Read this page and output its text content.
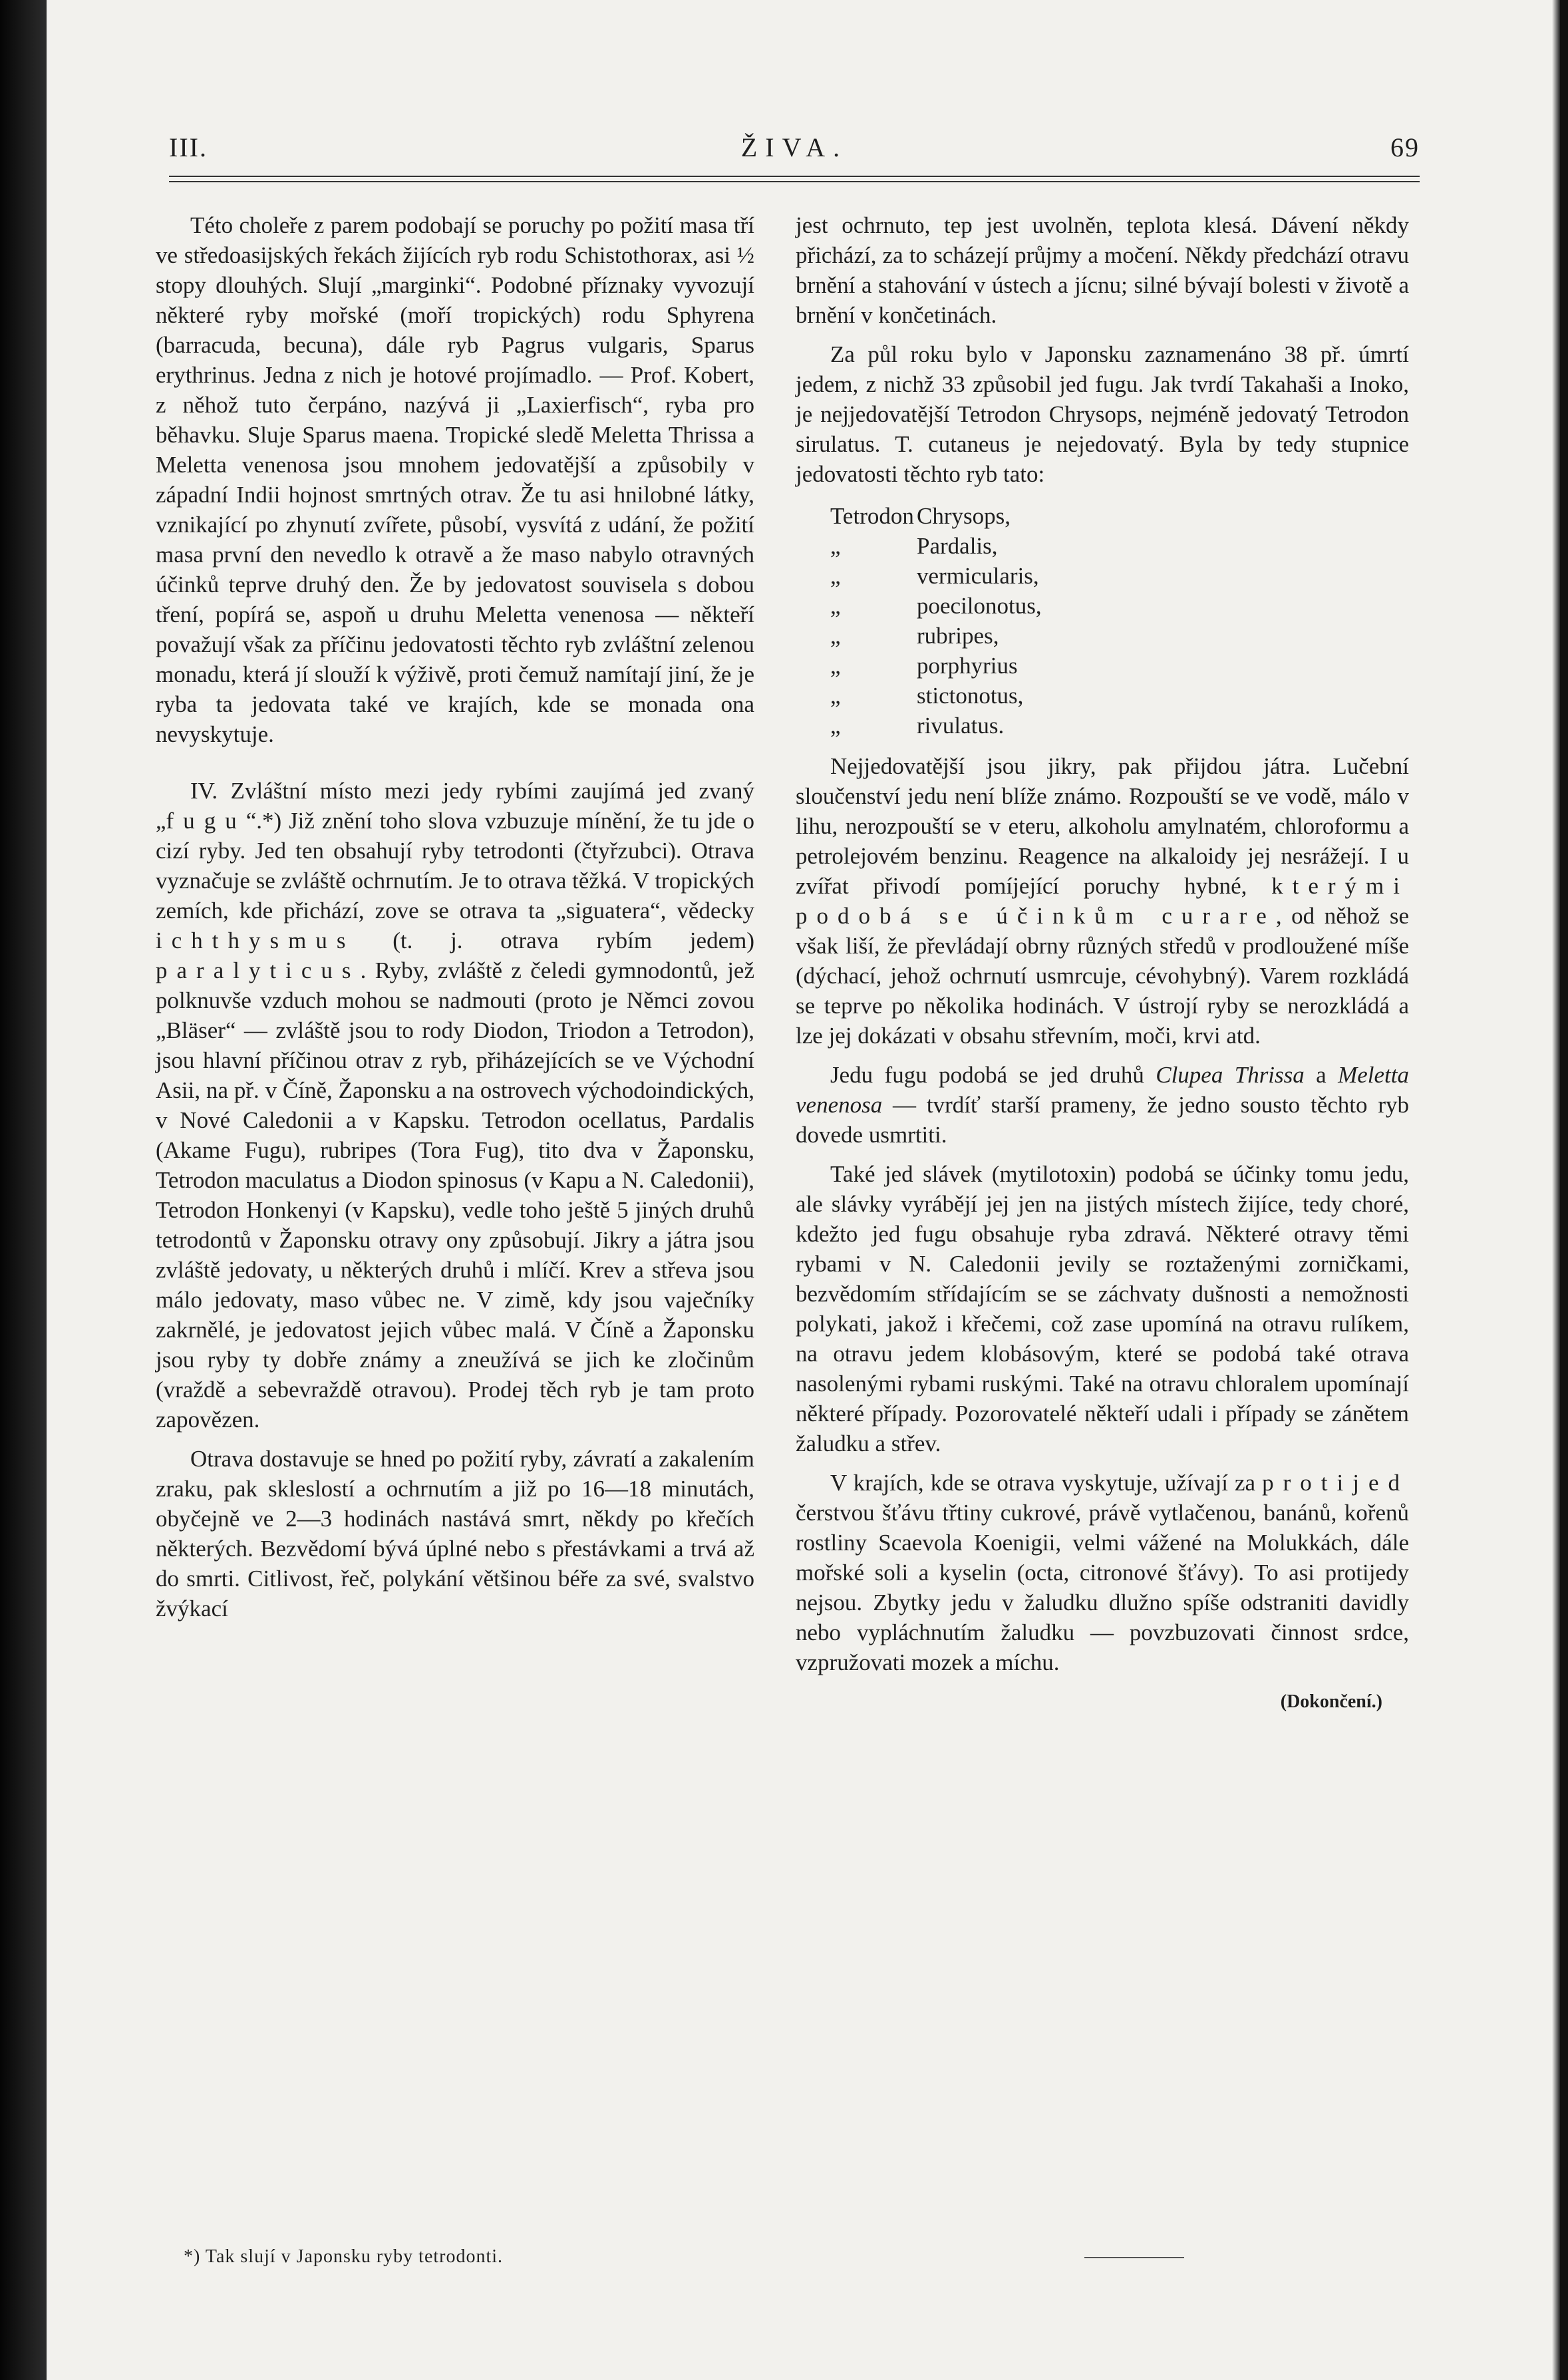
ŽIVA.
III.	69

Této choleře z parem podobají se poruchy po požití masa tří ve středoasijských řekách žijících ryb rodu Schistothorax, asi ½ stopy dlouhých. Slují „marginki“. Podobné příznaky vyvozují některé ryby mořské (moří tropických) rodu Sphyrena (barracuda, becuna), dále ryb Pagrus vulgaris, Sparus erythrinus. Jedna z nich je hotové projímadlo. — Prof. Kobert, z něhož tuto čerpáno, nazývá ji „Laxierfisch“, ryba pro běhavku. Sluje Sparus maena. Tropické sledě Meletta Thrissa a Meletta venenosa jsou mnohem jedovatější a způsobily v západní Indii hojnost smrtných otrav. Že tu asi hnilobné látky, vznikající po zhynutí zvířete, působí, vysvítá z udání, že požití masa první den nevedlo k otravě a že maso nabylo otravných účinků teprve druhý den. Že by jedovatost souvisela s dobou tření, popírá se, aspoň u druhu Meletta venenosa — někteří považují však za příčinu jedovatosti těchto ryb zvláštní zelenou monadu, která jí slouží k výživě, proti čemuž namítají jiní, že je ryba ta jedovata také ve krajích, kde se monada ona nevyskytuje.

IV. Zvláštní místo mezi jedy rybími zaujímá jed zvaný „fugu“.*) Již znění toho slova vzbuzuje mínění, že tu jde o cizí ryby. Jed ten obsahují ryby tetrodonti (čtyřzubci). Otrava vyznačuje se zvláště ochrnutím. Je to otrava těžká. V tropických zemích, kde přichází, zove se otrava ta „siguatera“, vědecky ichthysmus (t. j. otrava rybím jedem) paralyticus. Ryby, zvláště z čeledi gymnodontů, jež polknuvše vzduch mohou se nadmouti (proto je Němci zovou „Bläser“ — zvláště jsou to rody Diodon, Triodon a Tetrodon), jsou hlavní příčinou otrav z ryb, přiházejících se ve Východní Asii, na př. v Číně, Žaponsku a na ostrovech východoindických, v Nové Caledonii a v Kapsku. Tetrodon ocellatus, Pardalis (Akame Fugu), rubripes (Tora Fug), tito dva v Žaponsku, Tetrodon maculatus a Diodon spinosus (v Kapu a N. Caledonii), Tetrodon Honkenyi (v Kapsku), vedle toho ještě 5 jiných druhů tetrodontů v Žaponsku otravy ony způsobují. Jikry a játra jsou zvláště jedovaty, u některých druhů i mlíčí. Krev a střeva jsou málo jedovaty, maso vůbec ne. V zimě, kdy jsou vaječníky zakrnělé, je jedovatost jejich vůbec malá. V Číně a Žaponsku jsou ryby ty dobře známy a zneužívá se jich ke zločinům (vraždě a sebevraždě otravou). Prodej těch ryb je tam proto zapovězen.

Otrava dostavuje se hned po požití ryby, závratí a zakalením zraku, pak skleslostí a ochrnutím a již po 16—18 minutách, obyčejně ve 2—3 hodinách nastává smrt, někdy po křečích některých. Bezvědomí bývá úplné nebo s přestávkami a trvá až do smrti. Citlivost, řeč, polykání většinou béře za své, svalstvo žvýkací

jest ochrnuto, tep jest uvolněn, teplota klesá. Dávení někdy přichází, za to scházejí průjmy a močení. Někdy předchází otravu brnění a stahování v ústech a jícnu; silné bývají bolesti v životě a brnění v končetinách.

Za půl roku bylo v Japonsku zaznamenáno 38 př. úmrtí jedem, z nichž 33 způsobil jed fugu. Jak tvrdí Takahaši a Inoko, je nejjedovatější Tetrodon Chrysops, nejméně jedovatý Tetrodon sirulatus. T. cutaneus je nejedovatý. Byla by tedy stupnice jedovatosti těchto ryb tato:

Tetrodon Chrysops,
„	Pardalis,
„	vermicularis,
„	poecilonotus,
„	rubripes,
„	porphyrius
„	stictonotus,
„	rivulatus.

Nejjedovatější jsou jikry, pak přijdou játra. Lučební sloučenství jedu není blíže známo. Rozpouští se ve vodě, málo v lihu, nerozpouští se v eteru, alkoholu amylnatém, chloroformu a petrolejovém benzinu. Reagence na alkaloidy jej nesrážejí. I u zvířat přivodí pomíjející poruchy hybné, kterými podobá se účinkům curare, od něhož se však liší, že převládají obrny různých středů v prodloužené míše (dýchací, jehož ochrnutí usmrcuje, cévohybný). Varem rozkládá se teprve po několika hodinách. V ústrojí ryby se nerozkládá a lze jej dokázati v obsahu střevním, moči, krvi atd.

Jedu fugu podobá se jed druhů Clupea Thrissa a Meletta venenosa — tvrdíť starší prameny, že jedno sousto těchto ryb dovede usmrtiti.

Také jed slávek (mytilotoxin) podobá se účinky tomu jedu, ale slávky vyrábějí jej jen na jistých místech žijíce, tedy choré, kdežto jed fugu obsahuje ryba zdravá. Některé otravy těmi rybami v N. Caledonii jevily se roztaženými zorničkami, bezvědomím střídajícím se se záchvaty dušnosti a nemožnosti polykati, jakož i křečemi, což zase upomíná na otravu rulíkem, na otravu jedem klobásovým, které se podobá také otrava nasolenými rybami ruskými. Také na otravu chloralem upomínají některé případy. Pozorovatelé někteří udali i případy se zánětem žaludku a střev.

V krajích, kde se otrava vyskytuje, užívají za protijed čerstvou šťávu třtiny cukrové, právě vytlačenou, banánů, kořenů rostliny Scaevola Koenigii, velmi vážené na Molukkách, dále mořské soli a kyselin (octa, citronové šťávy). To asi protijedy nejsou. Zbytky jedu v žaludku dlužno spíše odstraniti davidly nebo vypláchnutím žaludku — povzbuzovati činnost srdce, vzpružovati mozek a míchu.

(Dokončení.)
*) Tak slují v Japonsku ryby tetrodonti.
